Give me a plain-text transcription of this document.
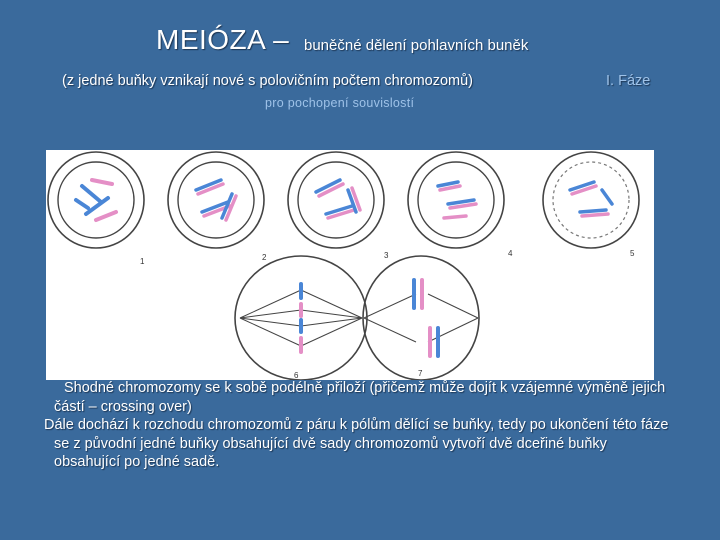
MEIÓZA – buněčné dělení pohlavních buněk
(z jedné buňky vznikají nové s polovičním počtem chromozomů)	I. Fáze
pro pochopení souvislostí
1	2	3	4	5
6	7

Shodné chromozomy se k sobě podélně přiloží (přičemž může dojít k vzájemné výměně jejich částí – crossing over)

Dále dochází k rozchodu chromozomů z páru k pólům dělící se buňky, tedy po ukončení této fáze se z původní jedné buňky obsahující dvě sady chromozomů vytvoří dvě dceřiné buňky obsahující po jedné sadě.
